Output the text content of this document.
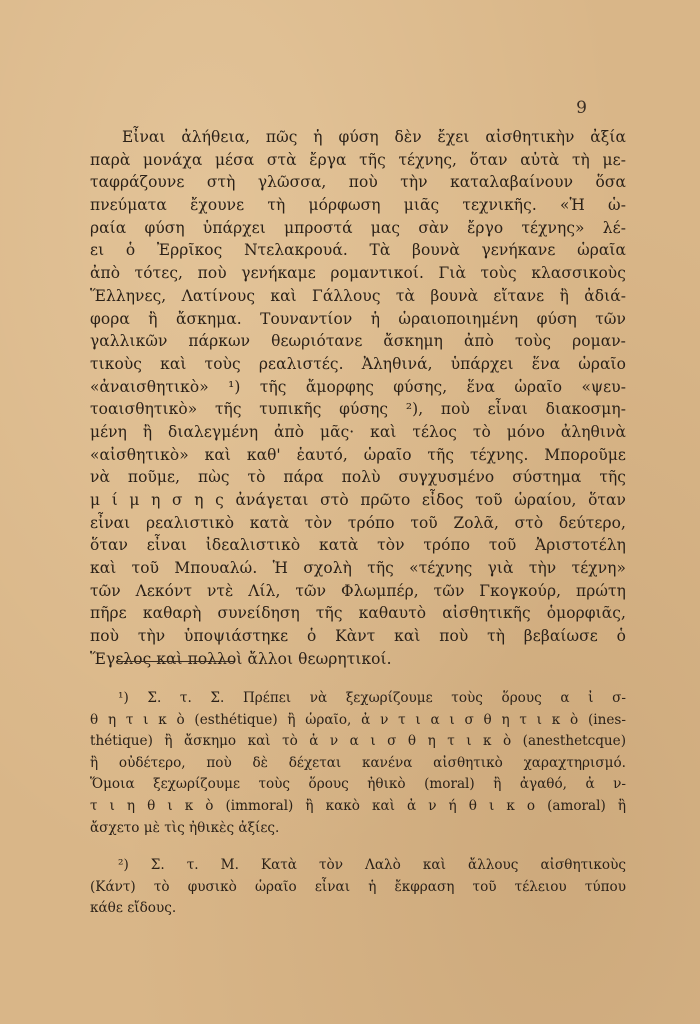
9
Εἶναι ἀλήθεια, πῶς ἡ φύση δὲν ἔχει αἰσθητικὴν ἀξία
παρὰ μονάχα μέσα στὰ ἔργα τῆς τέχνης, ὅταν αὐτὰ τὴ με-
ταφράζουνε στὴ γλῶσσα, ποὺ τὴν καταλαβαίνουν ὅσα
πνεύματα ἔχουνε τὴ μόρφωση μιᾶς τεχνικῆς. «Ἡ ὡ-
ραία φύση ὑπάρχει μπροστά μας σὰν ἔργο τέχνης» λέ-
ει ὁ Ἐρρῖκος Ντελακρουά. Τὰ βουνὰ γενήκανε ὡραῖα
ἀπὸ τότες, ποὺ γενήκαμε ρομαντικοί. Γιὰ τοὺς κλασσικοὺς
Ἕλληνες, Λατίνους καὶ Γάλλους τὰ βουνὰ εἴτανε ἢ ἀδιά-
φορα ἢ ἄσκημα. Τουναντίον ἡ ὡραιοποιημένη φύση τῶν
γαλλικῶν πάρκων θεωριότανε ἄσκημη ἀπὸ τοὺς ρομαν-
τικοὺς καὶ τοὺς ρεαλιστές. Ἀληθινά, ὑπάρχει ἕνα ὡραῖο
«ἀναισθητικὸ» ¹) τῆς ἄμορφης φύσης, ἕνα ὡραῖο «ψευ-
τοαισθητικὸ» τῆς τυπικῆς φύσης ²), ποὺ εἶναι διακοσμη-
μένη ἢ διαλεγμένη ἀπὸ μᾶς· καὶ τέλος τὸ μόνο ἀληθινὰ
«αἰσθητικὸ» καὶ καθ' ἑαυτό, ὡραῖο τῆς τέχνης. Μποροῦμε
νὰ ποῦμε, πὼς τὸ πάρα πολὺ συγχυσμένο σύστημα τῆς
μ ί μ η σ η ς ἀνάγεται στὸ πρῶτο εἶδος τοῦ ὡραίου, ὅταν
εἶναι ρεαλιστικὸ κατὰ τὸν τρόπο τοῦ Ζολᾶ, στὸ δεύτερο,
ὅταν εἶναι ἰδεαλιστικὸ κατὰ τὸν τρόπο τοῦ Ἀριστοτέλη
καὶ τοῦ Μπουαλώ. Ἡ σχολὴ τῆς «τέχνης γιὰ τὴν τέχνη»
τῶν Λεκόντ ντὲ Λίλ, τῶν Φλωμπέρ, τῶν Γκογκούρ, πρώτη
πῆρε καθαρὴ συνείδηση τῆς καθαυτὸ αἰσθητικῆς ὁμορφιᾶς,
ποὺ τὴν ὑποψιάστηκε ὁ Κὰντ καὶ ποὺ τὴ βεβαίωσε ὁ
Ἕγελος καὶ πολλοὶ ἄλλοι θεωρητικοί.
¹) Σ. τ. Σ. Πρέπει νὰ ξεχωρίζουμε τοὺς ὅρους α ἰ σ-
θ η τ ι κ ὸ (esthétique) ἢ ὡραῖο, ἀ ν τ ι α ι σ θ η τ ι κ ὸ (ines-
thétique) ἢ ἄσκημο καὶ τὸ ἀ ν α ι σ θ η τ ι κ ὸ (anesthetcque)
ἢ οὐδέτερο, ποὺ δὲ δέχεται κανένα αἰσθητικὸ χαραχτηρισμό.
Ὅμοια ξεχωρίζουμε τοὺς ὅρους ἠθικὸ (moral) ἢ ἀγαθό, ἀ ν-
τ ι η θ ι κ ὸ (immoral) ἢ κακὸ καὶ ἀ ν ή θ ι κ ο (amoral) ἢ
ἄσχετο μὲ τὶς ἠθικὲς ἀξίες.
²) Σ. τ. Μ. Κατὰ τὸν Λαλὸ καὶ ἄλλους αἰσθητικοὺς
(Κάντ) τὸ φυσικὸ ὡραῖο εἶναι ἡ ἔκφραση τοῦ τέλειου τύπου
κάθε εἴδους.
